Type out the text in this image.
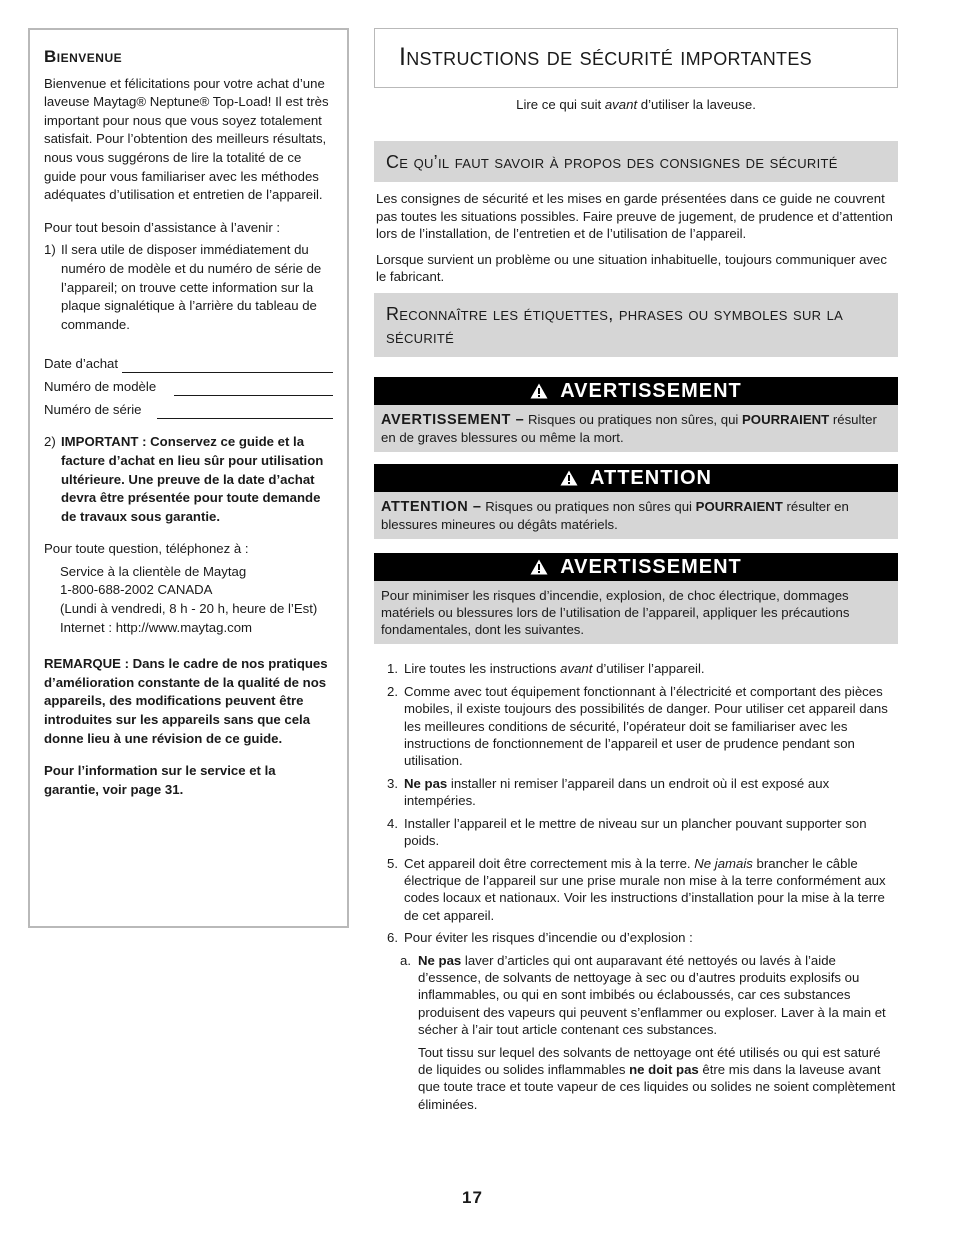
Bienvenue

Bienvenue et félicitations pour votre achat d’une laveuse Maytag® Neptune® Top-Load! Il est très important pour nous que vous soyez totalement satisfait. Pour l’obtention des meilleurs résultats, nous vous suggérons de lire la totalité de ce guide pour vous familiariser avec les méthodes adéquates d’utilisation et entretien de l’appareil.

Pour tout besoin d’assistance à l’avenir :

1) Il sera utile de disposer immédiatement du numéro de modèle et du numéro de série de l’appareil; on trouve cette information sur la plaque signalétique à l’arrière du tableau de commande.
Date d’achat
Numéro de modèle
Numéro de série
2) IMPORTANT : Conservez ce guide et la facture d’achat en lieu sûr pour utilisation ultérieure. Une preuve de la date d’achat devra être présentée pour toute demande de travaux sous garantie.

Pour toute question, téléphonez à :

Service à la clientèle de Maytag
1-800-688-2002 CANADA
(Lundi à vendredi, 8 h - 20 h, heure de l’Est)
Internet : http://www.maytag.com

REMARQUE : Dans le cadre de nos pratiques d’amélioration constante de la qualité de nos appareils, des modifications peuvent être introduites sur les appareils sans que cela donne lieu à une révision de ce guide.

Pour l’information sur le service et la garantie, voir page 31.

Instructions de sécurité importantes
Lire ce qui suit avant d’utiliser la laveuse.
Ce qu’il faut savoir à propos des consignes de sécurité

Les consignes de sécurité et les mises en garde présentées dans ce guide ne couvrent pas toutes les situations possibles. Faire preuve de jugement, de prudence et d’attention lors de l’installation, de l’entretien et de l’utilisation de l’appareil.

Lorsque survient un problème ou une situation inhabituelle, toujours communiquer avec le fabricant.

Reconnaître les étiquettes, phrases ou symboles sur la sécurité
AVERTISSEMENT
AVERTISSEMENT – Risques ou pratiques non sûres, qui POURRAIENT résulter en de graves blessures ou même la mort.
ATTENTION
ATTENTION – Risques ou pratiques non sûres qui POURRAIENT résulter en blessures mineures ou dégâts matériels.
AVERTISSEMENT
Pour minimiser les risques d’incendie, explosion, de choc électrique, dommages matériels ou blessures lors de l’utilisation de l’appareil, appliquer les précautions fondamentales, dont les suivantes.
1. Lire toutes les instructions avant d’utiliser l’appareil.
2. Comme avec tout équipement fonctionnant à l’électricité et comportant des pièces mobiles, il existe toujours des possibilités de danger. Pour utiliser cet appareil dans les meilleures conditions de sécurité, l’opérateur doit se familiariser avec les instructions de fonctionnement de l’appareil et user de prudence pendant son utilisation.
3. Ne pas installer ni remiser l’appareil dans un endroit où il est exposé aux intempéries.
4. Installer l’appareil et le mettre de niveau sur un plancher pouvant supporter son poids.
5. Cet appareil doit être correctement mis à la terre. Ne jamais brancher le câble électrique de l’appareil sur une prise murale non mise à la terre conformément aux codes locaux et nationaux. Voir les instructions d’installation pour la mise à la terre de cet appareil.
6. Pour éviter les risques d’incendie ou d’explosion :
a. Ne pas laver d’articles qui ont auparavant été nettoyés ou lavés à l’aide d’essence, de solvants de nettoyage à sec ou d’autres produits explosifs ou inflammables, ou qui en sont imbibés ou éclaboussés, car ces substances produisent des vapeurs qui peuvent s’enflammer ou exploser. Laver à la main et sécher à l’air tout article contenant ces substances.
Tout tissu sur lequel des solvants de nettoyage ont été utilisés ou qui est saturé de liquides ou solides inflammables ne doit pas être mis dans la laveuse avant que toute trace et toute vapeur de ces liquides ou solides ne soient complètement éliminées.
17
